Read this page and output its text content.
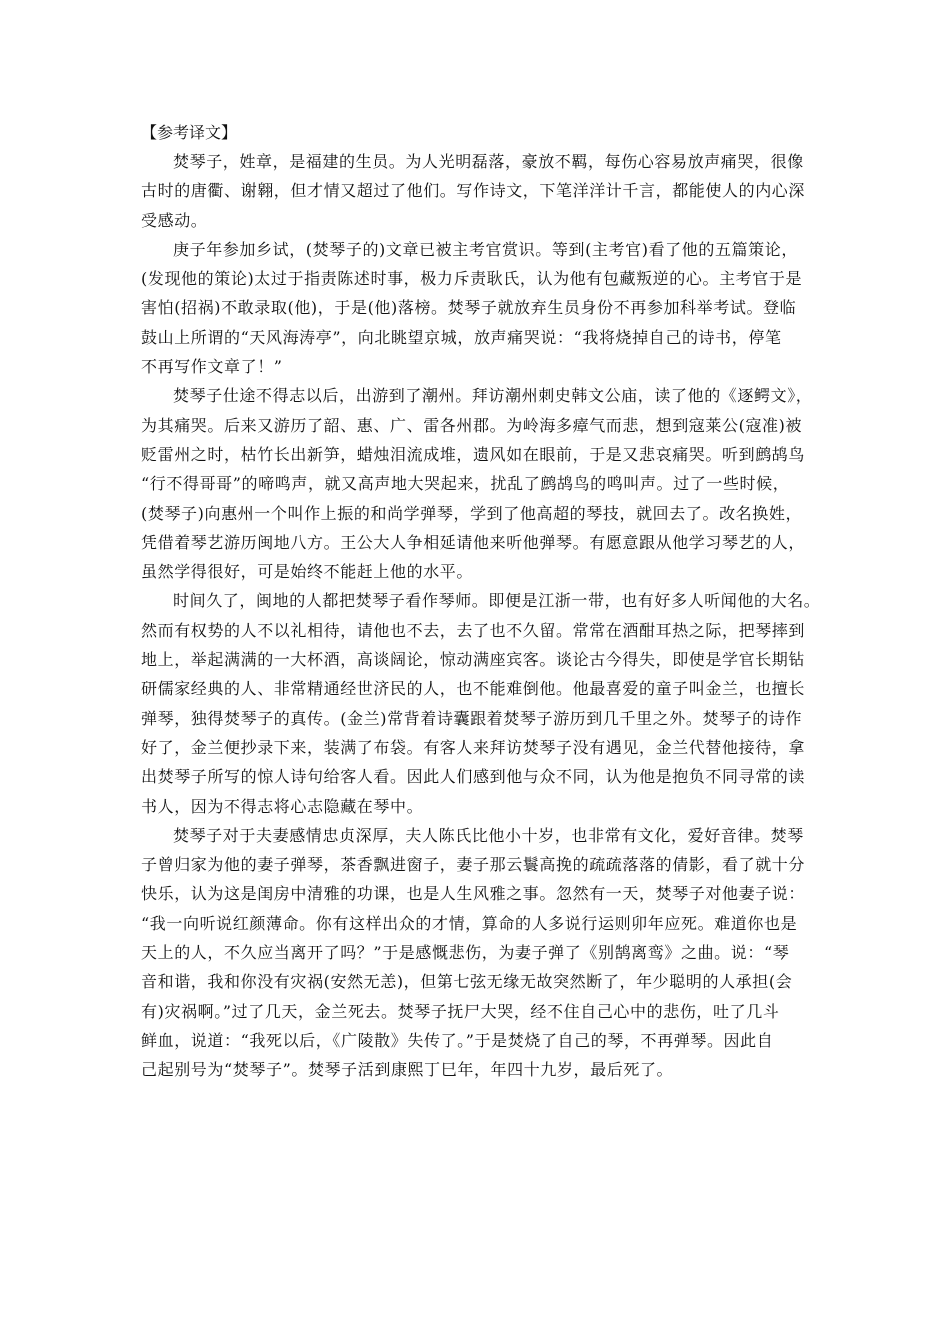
【参考译文】

焚琴子，姓章，是福建的生员。为人光明磊落，豪放不羁，每伤心容易放声痛哭，很像
古时的唐衢、谢翱，但才情又超过了他们。写作诗文，下笔洋洋计千言，都能使人的内心深
受感动。
庚子年参加乡试，(焚琴子的)文章已被主考官赏识。等到(主考官)看了他的五篇策论，
(发现他的策论)太过于指责陈述时事，极力斥责耿氏，认为他有包藏叛逆的心。主考官于是
害怕(招祸)不敢录取(他)，于是(他)落榜。焚琴子就放弃生员身份不再参加科举考试。登临
鼓山上所谓的“天风海涛亭”，向北眺望京城，放声痛哭说：“我将烧掉自己的诗书，停笔
不再写作文章了！”
焚琴子仕途不得志以后，出游到了潮州。拜访潮州刺史韩文公庙，读了他的《逐鳄文》，
为其痛哭。后来又游历了韶、惠、广、雷各州郡。为岭海多瘴气而悲，想到寇莱公(寇准)被
贬雷州之时，枯竹长出新笋，蜡烛泪流成堆，遗风如在眼前，于是又悲哀痛哭。听到鹧鸪鸟
“行不得哥哥”的啼鸣声，就又高声地大哭起来，扰乱了鹧鸪鸟的鸣叫声。过了一些时候，
(焚琴子)向惠州一个叫作上振的和尚学弹琴，学到了他高超的琴技，就回去了。改名换姓，
凭借着琴艺游历闽地八方。王公大人争相延请他来听他弹琴。有愿意跟从他学习琴艺的人，
虽然学得很好，可是始终不能赶上他的水平。
时间久了，闽地的人都把焚琴子看作琴师。即便是江浙一带，也有好多人听闻他的大名。
然而有权势的人不以礼相待，请他也不去，去了也不久留。常常在酒酣耳热之际，把琴摔到
地上，举起满满的一大杯酒，高谈阔论，惊动满座宾客。谈论古今得失，即使是学官长期钻
研儒家经典的人、非常精通经世济民的人，也不能难倒他。他最喜爱的童子叫金兰，也擅长
弹琴，独得焚琴子的真传。(金兰)常背着诗囊跟着焚琴子游历到几千里之外。焚琴子的诗作
好了，金兰便抄录下来，装满了布袋。有客人来拜访焚琴子没有遇见，金兰代替他接待，拿
出焚琴子所写的惊人诗句给客人看。因此人们感到他与众不同，认为他是抱负不同寻常的读
书人，因为不得志将心志隐藏在琴中。
焚琴子对于夫妻感情忠贞深厚，夫人陈氏比他小十岁，也非常有文化，爱好音律。焚琴
子曾归家为他的妻子弹琴，茶香飘进窗子，妻子那云鬟高挽的疏疏落落的倩影，看了就十分
快乐，认为这是闺房中清雅的功课，也是人生风雅之事。忽然有一天，焚琴子对他妻子说：
“我一向听说红颜薄命。你有这样出众的才情，算命的人多说行运则卯年应死。难道你也是
天上的人，不久应当离开了吗？”于是感慨悲伤，为妻子弹了《别鹄离鸾》之曲。说：“琴
音和谐，我和你没有灾祸(安然无恙)，但第七弦无缘无故突然断了，年少聪明的人承担(会
有)灾祸啊。”过了几天，金兰死去。焚琴子抚尸大哭，经不住自己心中的悲伤，吐了几斗
鲜血，说道：“我死以后，《广陵散》失传了。”于是焚烧了自己的琴，不再弹琴。因此自
己起别号为“焚琴子”。焚琴子活到康熙丁巳年，年四十九岁，最后死了。
